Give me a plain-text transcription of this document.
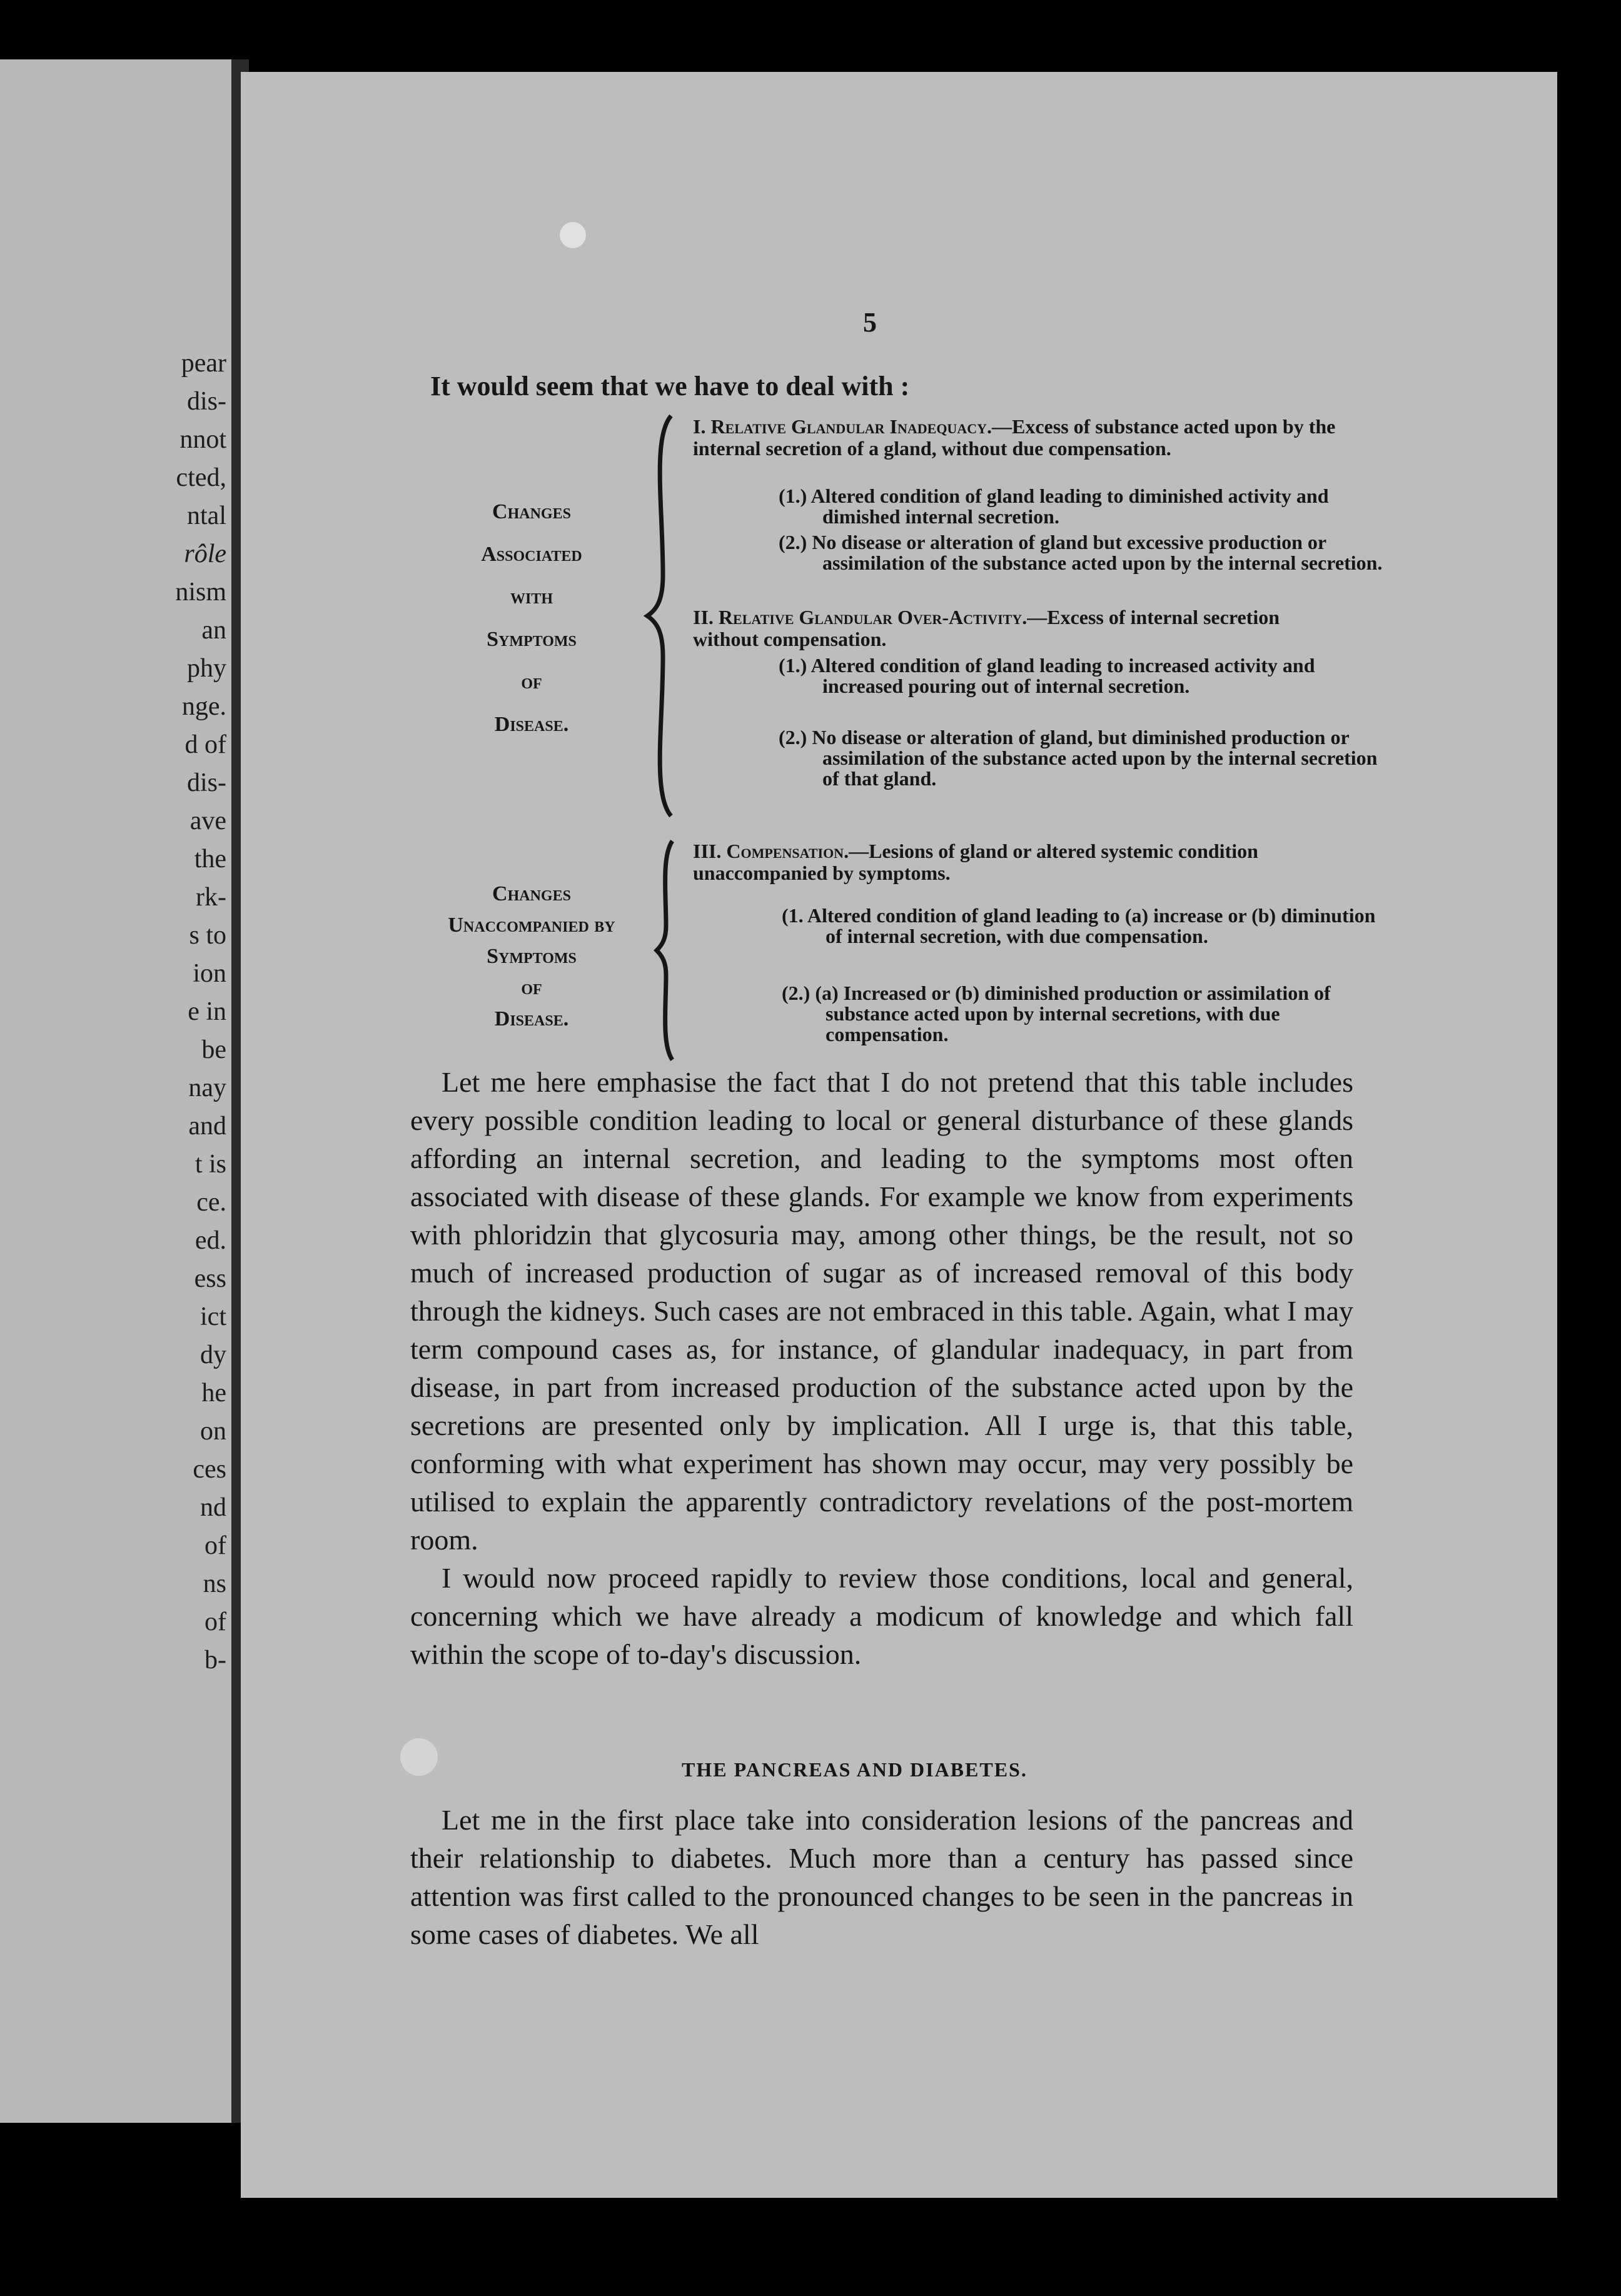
pear
dis-
nnot
cted,
ntal
rôle
nism
an
phy
nge.
d of
dis-
ave
the
rk-
s to
ion
e in
be
nay
and
t is
ce.
ed.
ess
ict
dy
he
on
ces
nd
of
ns
of
b-
5
It would seem that we have to deal with :
Changes
Associated
with
Symptoms
of
Disease.
I. Relative Glandular Inadequacy.—Excess of substance acted upon by the internal secretion of a gland, without due compensation.
(1.) Altered condition of gland leading to diminished activity and dimished internal secretion.
(2.) No disease or alteration of gland but excessive production or assimilation of the substance acted upon by the internal secretion.
II. Relative Glandular Over-Activity.—Excess of internal secretion without compensation.
(1.) Altered condition of gland leading to increased activity and increased pouring out of internal secretion.
(2.) No disease or alteration of gland, but diminished production or assimilation of the substance acted upon by the internal secretion of that gland.
Changes
Unaccompanied by
Symptoms
of
Disease.
III. Compensation.—Lesions of gland or altered systemic condition unaccompanied by symptoms.
(1. Altered condition of gland leading to (a) increase or (b) diminution of internal secretion, with due compensation.
(2.) (a) Increased or (b) diminished production or assimilation of substance acted upon by internal secretions, with due compensation.

Let me here emphasise the fact that I do not pretend that this table includes every possible condition leading to local or general disturbance of these glands affording an internal secretion, and leading to the symptoms most often associated with disease of these glands. For example we know from experiments with phloridzin that glycosuria may, among other things, be the result, not so much of increased production of sugar as of increased removal of this body through the kidneys. Such cases are not embraced in this table. Again, what I may term compound cases as, for instance, of glandular inadequacy, in part from disease, in part from increased production of the substance acted upon by the secretions are presented only by implication. All I urge is, that this table, conforming with what experiment has shown may occur, may very possibly be utilised to explain the apparently contradictory revelations of the post-mortem room.

I would now proceed rapidly to review those conditions, local and general, concerning which we have already a modicum of knowledge and which fall within the scope of to-day's discussion.

THE PANCREAS AND DIABETES.

Let me in the first place take into consideration lesions of the pancreas and their relationship to diabetes. Much more than a century has passed since attention was first called to the pronounced changes to be seen in the pancreas in some cases of diabetes. We all
